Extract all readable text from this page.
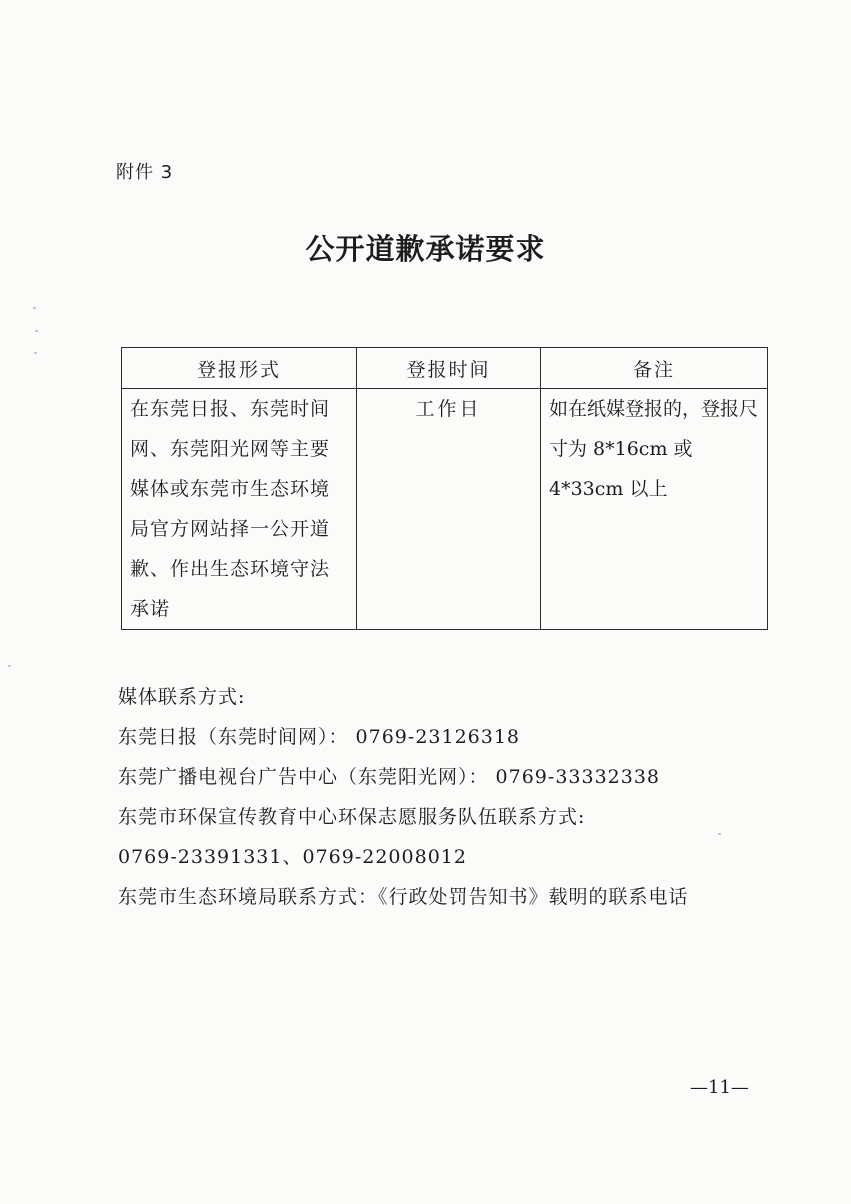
附件 3
公开道歉承诺要求
登报形式	登报时间	备注
在东莞日报、东莞时间网、东莞阳光网等主要媒体或东莞市生态环境局官方网站择一公开道歉、作出生态环境守法承诺	工作日	如在纸媒登报的，登报尺寸为 8*16cm 或 4*33cm 以上
媒体联系方式:
东莞日报（东莞时间网）： 0769-23126318
东莞广播电视台广告中心（东莞阳光网）： 0769-33332338
东莞市环保宣传教育中心环保志愿服务队伍联系方式:
0769-23391331、0769-22008012
东莞市生态环境局联系方式：《行政处罚告知书》载明的联系电话
—11—
